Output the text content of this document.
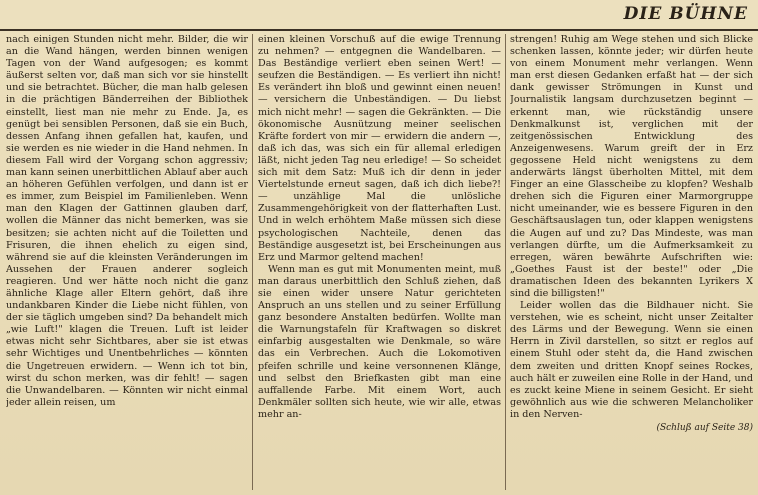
DIE BÜHNE

nach einigen Stunden nicht mehr. Bilder, die wir an die Wand hängen, werden binnen wenigen Tagen von der Wand aufgesogen; es kommt äußerst selten vor, daß man sich vor sie hinstellt und sie betrachtet. Bücher, die man halb gelesen in die prächtigen Bänderreihen der Bibliothek einstellt, liest man nie mehr zu Ende. Ja, es genügt bei sensiblen Personen, daß sie ein Buch, dessen Anfang ihnen gefallen hat, kaufen, und sie werden es nie wieder in die Hand nehmen. In diesem Fall wird der Vorgang schon aggressiv; man kann seinen unerbittlichen Ablauf aber auch an höheren Gefühlen verfolgen, und dann ist er es immer, zum Beispiel im Familienleben. Wenn man den Klagen der Gattinnen glauben darf, wollen die Männer das nicht bemerken, was sie besitzen; sie achten nicht auf die Toiletten und Frisuren, die ihnen ehelich zu eigen sind, während sie auf die kleinsten Veränderungen im Aussehen der Frauen anderer sogleich reagieren. Und wer hätte noch nicht die ganz ähnliche Klage aller Eltern gehört, daß ihre undankbaren Kinder die Liebe nicht fühlen, von der sie täglich umgeben sind? Da behandelt mich „wie Luft!" klagen die Treuen. Luft ist leider etwas nicht sehr Sichtbares, aber sie ist etwas sehr Wichtiges und Unentbehrliches — könnten die Ungetreuen erwidern. — Wenn ich tot bin, wirst du schon merken, was dir fehlt! — sagen die Unwandelbaren. — Könnten wir nicht einmal jeder allein reisen, um

einen kleinen Vorschuß auf die ewige Trennung zu nehmen? — entgegnen die Wandelbaren. — Das Beständige verliert eben seinen Wert! — seufzen die Beständigen. — Es verliert ihn nicht! Es verändert ihn bloß und gewinnt einen neuen! — versichern die Unbeständigen. — Du liebst mich nicht mehr! — sagen die Gekränkten. — Die ökonomische Ausnützung meiner seelischen Kräfte fordert von mir — erwidern die andern —, daß ich das, was sich ein für allemal erledigen läßt, nicht jeden Tag neu erledige! — So scheidet sich mit dem Satz: Muß ich dir denn in jeder Viertelstunde erneut sagen, daß ich dich liebe?! — unzählige Mal die unlösliche Zusammengehörigkeit von der flatterhaften Lust. Und in welch erhöhtem Maße müssen sich diese psychologischen Nachteile, denen das Beständige ausgesetzt ist, bei Erscheinungen aus Erz und Marmor geltend machen!

Wenn man es gut mit Monumenten meint, muß man daraus unerbittlich den Schluß ziehen, daß sie einen wider unsere Natur gerichteten Anspruch an uns stellen und zu seiner Erfüllung ganz besondere Anstalten bedürfen. Wollte man die Warnungstafeln für Kraftwagen so diskret einfarbig ausgestalten wie Denkmale, so wäre das ein Verbrechen. Auch die Lokomotiven pfeifen schrille und keine versonnenen Klänge, und selbst den Briefkasten gibt man eine auffallende Farbe. Mit einem Wort, auch Denkmäler sollten sich heute, wie wir alle, etwas mehr an-

strengen! Ruhig am Wege stehen und sich Blicke schenken lassen, könnte jeder; wir dürfen heute von einem Monument mehr verlangen. Wenn man erst diesen Gedanken erfaßt hat — der sich dank gewisser Strömungen in Kunst und Journalistik langsam durchzusetzen beginnt — erkennt man, wie rückständig unsere Denkmalkunst ist, verglichen mit der zeitgenössischen Entwicklung des Anzeigenwesens. Warum greift der in Erz gegossene Held nicht wenigstens zu dem anderwärts längst überholten Mittel, mit dem Finger an eine Glasscheibe zu klopfen? Weshalb drehen sich die Figuren einer Marmorgruppe nicht umeinander, wie es bessere Figuren in den Geschäftsauslagen tun, oder klappen wenigstens die Augen auf und zu? Das Mindeste, was man verlangen dürfte, um die Aufmerksamkeit zu erregen, wären bewährte Aufschriften wie: „Goethes Faust ist der beste!" oder „Die dramatischen Ideen des bekannten Lyrikers X sind die billigsten!"

Leider wollen das die Bildhauer nicht. Sie verstehen, wie es scheint, nicht unser Zeitalter des Lärms und der Bewegung. Wenn sie einen Herrn in Zivil darstellen, so sitzt er reglos auf einem Stuhl oder steht da, die Hand zwischen dem zweiten und dritten Knopf seines Rockes, auch hält er zuweilen eine Rolle in der Hand, und es zuckt keine Miene in seinem Gesicht. Er sieht gewöhnlich aus wie die schweren Melancholiker in den Nerven-

(Schluß auf Seite 38)
